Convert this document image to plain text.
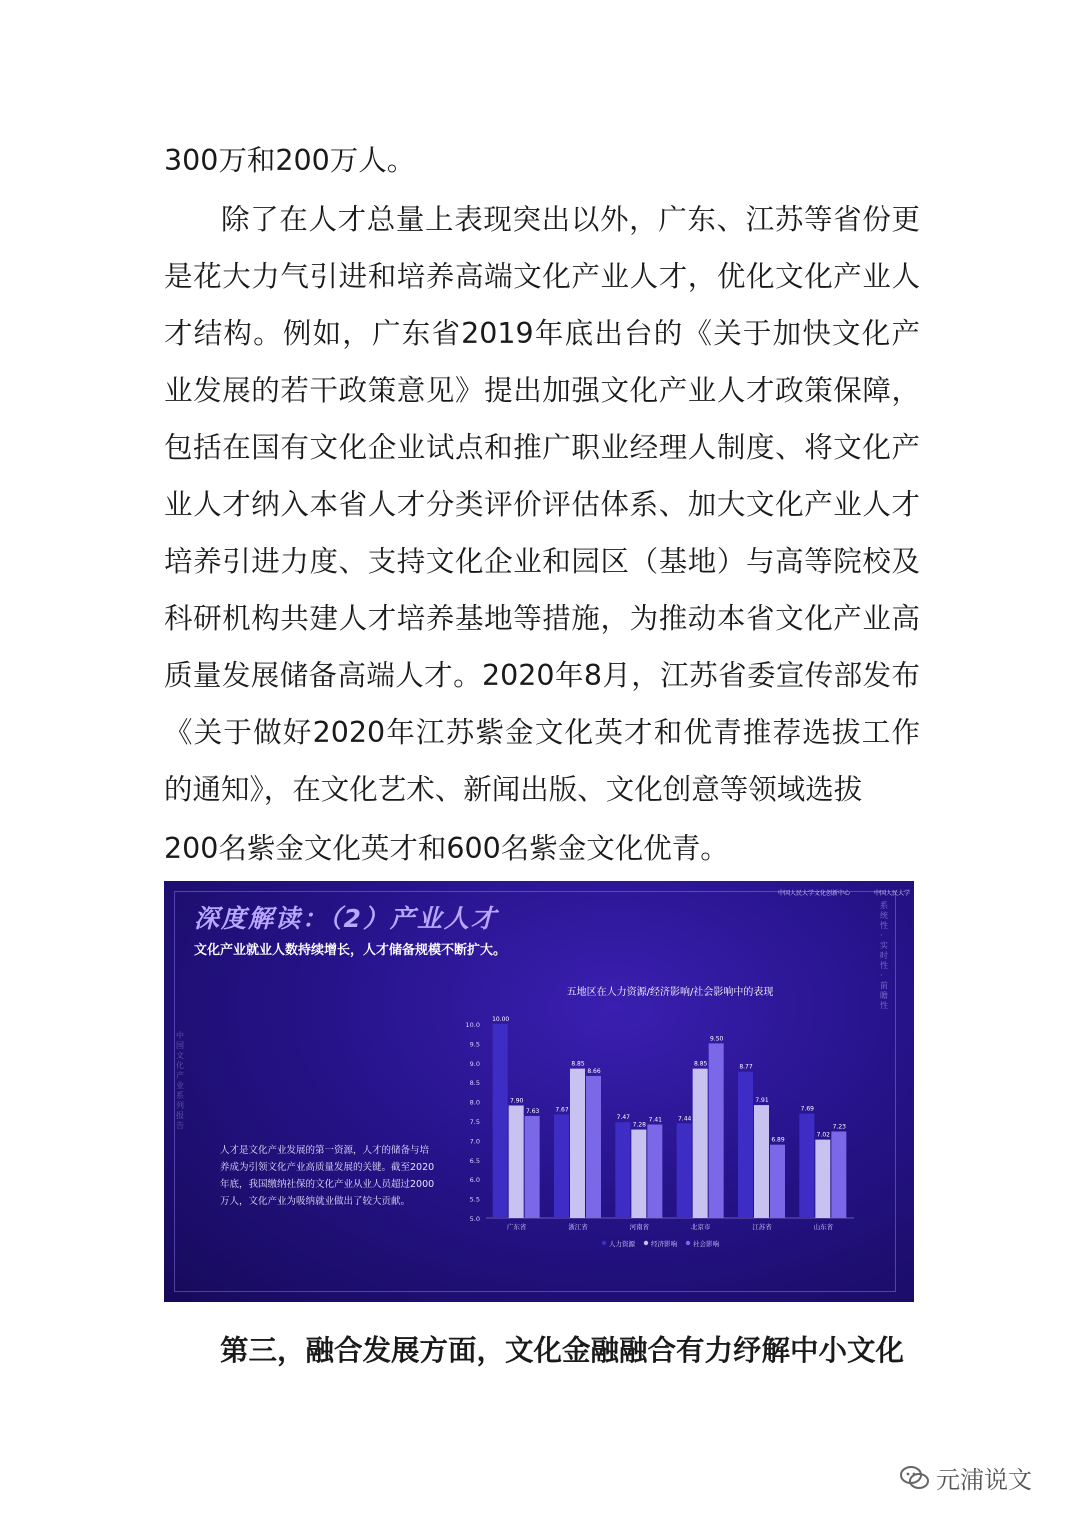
300万和200万人。

除了在人才总量上表现突出以外，广东、江苏等省份更是花大力气引进和培养高端文化产业人才，优化文化产业人才结构。例如，广东省2019年底出台的《关于加快文化产业发展的若干政策意见》提出加强文化产业人才政策保障，包括在国有文化企业试点和推广职业经理人制度、将文化产业人才纳入本省人才分类评价评估体系、加大文化产业人才培养引进力度、支持文化企业和园区（基地）与高等院校及科研机构共建人才培养基地等措施，为推动本省文化产业高质量发展储备高端人才。2020年8月，江苏省委宣传部发布《关于做好2020年江苏紫金文化英才和优青推荐选拔工作的通知》，在文化艺术、新闻出版、文化创意等领域选拔

200名紫金文化英才和600名紫金文化优青。

深度解读：（2）产业人才
文化产业就业人数持续增长，人才储备规模不断扩大。
中国人民大学文化创新中心	中国人民大学
系统性·实时性·前瞻性
中国文化产业系列报告
人才是文化产业发展的第一资源，人才的储备与培养成为引领文化产业高质量发展的关键。截至2020年底，我国缴纳社保的文化产业从业人员超过2000万人，文化产业为吸纳就业做出了较大贡献。
五地区在人力资源/经济影响/社会影响中的表现
10.0
9.5
9.0
8.5
8.0
7.5
7.0
6.5
6.0
5.5
5.0
10.00
7.90
7.63
广东省
7.67
8.85
8.66
浙江省
7.47
7.28
7.41
河南省
7.44
8.85
9.50
北京市
8.77
7.91
6.89
江苏省
7.69
7.02
7.23
山东省
人力资源 经济影响 社会影响

第三，融合发展方面，文化金融融合有力纾解中小文化

元浦说文
